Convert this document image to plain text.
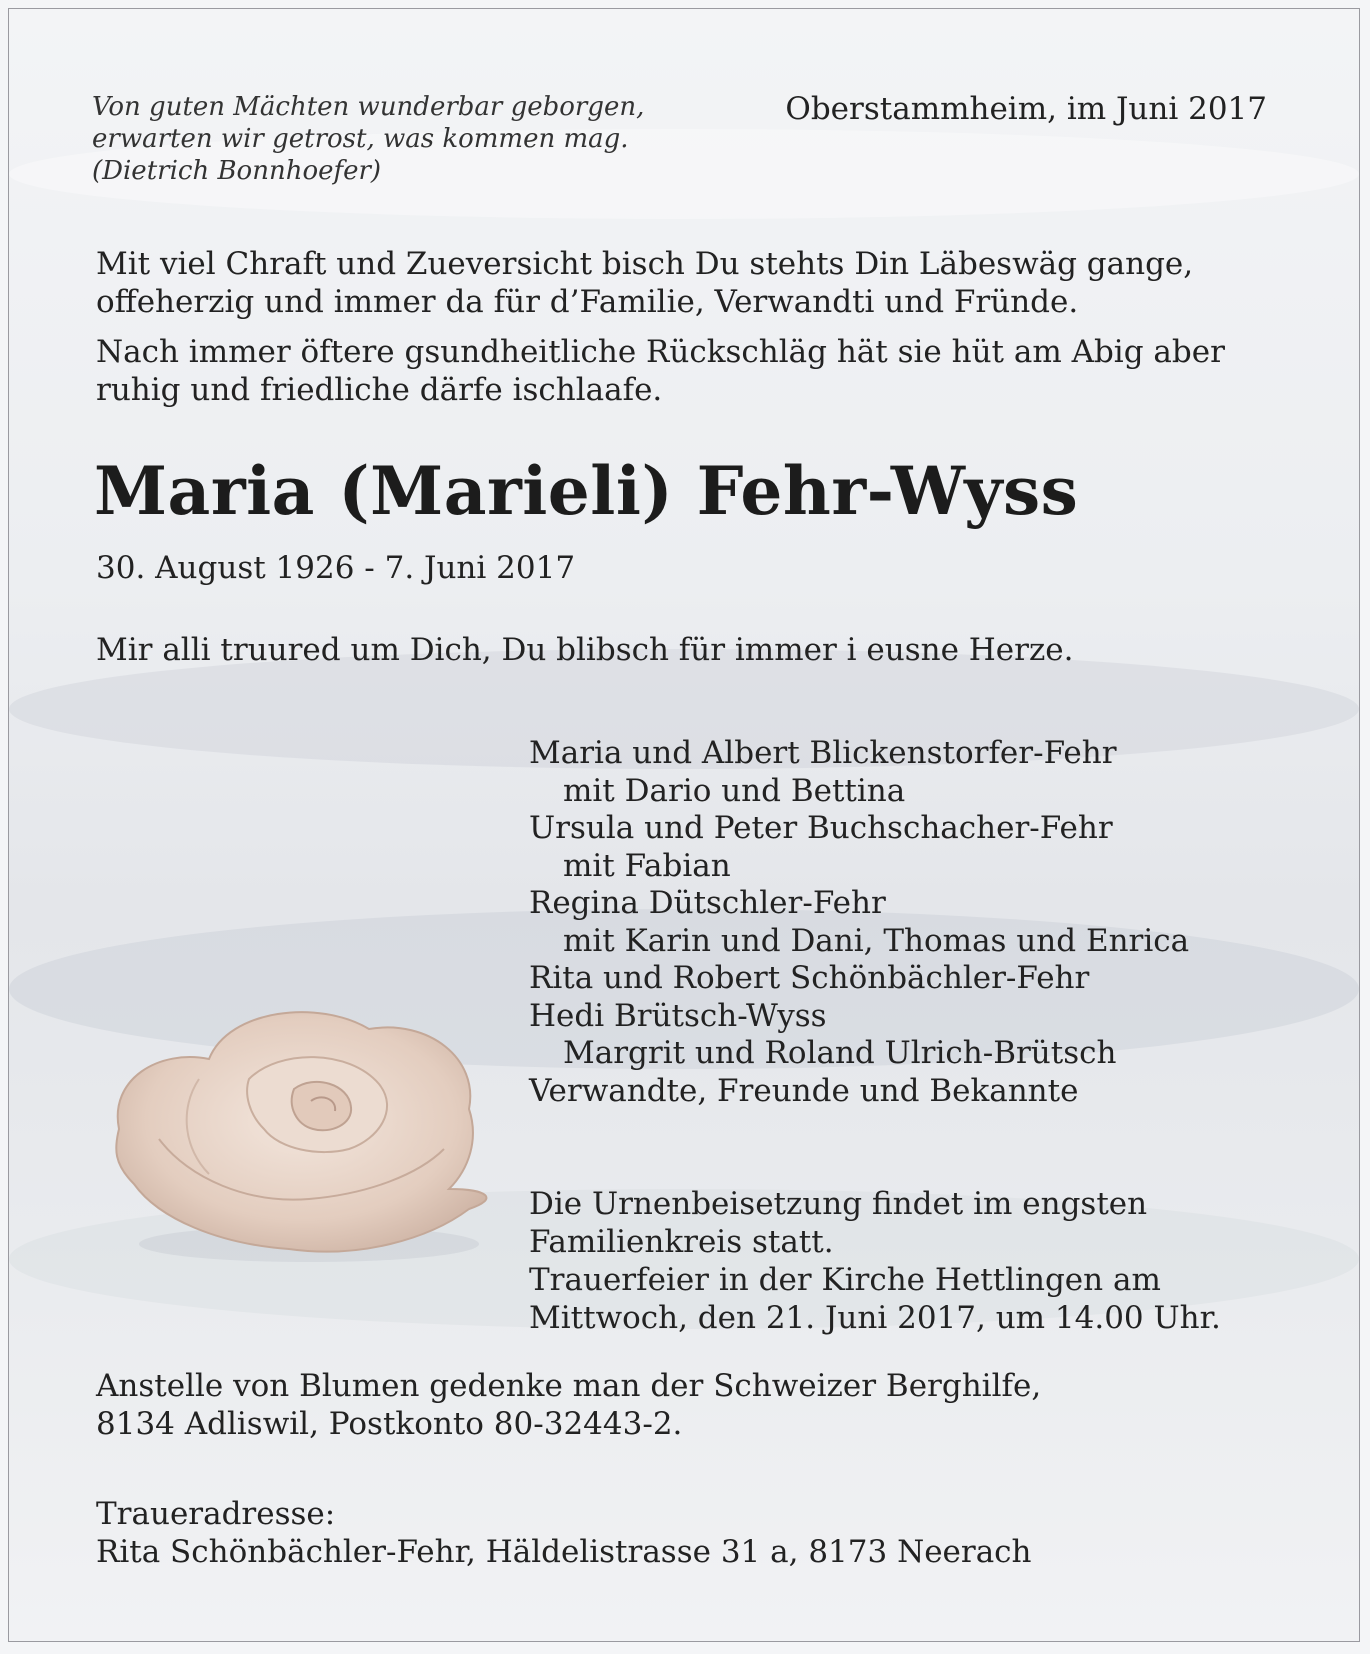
Von guten Mächten wunderbar geborgen,
erwarten wir getrost, was kommen mag.
(Dietrich Bonnhoefer)
Oberstammheim, im Juni 2017
Mit viel Chraft und Zueversicht bisch Du stehts Din Läbeswäg gange,
offeherzig und immer da für d’Familie, Verwandti und Fründe.
Nach immer öftere gsundheitliche Rückschläg hät sie hüt am Abig aber
ruhig und friedliche därfe ischlaafe.
Maria (Marieli) Fehr-Wyss
30. August 1926 - 7. Juni 2017
Mir alli truured um Dich, Du blibsch für immer i eusne Herze.
Maria und Albert Blickenstorfer-Fehr
mit Dario und Bettina
Ursula und Peter Buchschacher-Fehr
mit Fabian
Regina Dütschler-Fehr
mit Karin und Dani, Thomas und Enrica
Rita und Robert Schönbächler-Fehr
Hedi Brütsch-Wyss
Margrit und Roland Ulrich-Brütsch
Verwandte, Freunde und Bekannte
Die Urnenbeisetzung findet im engsten
Familienkreis statt.
Trauerfeier in der Kirche Hettlingen am
Mittwoch, den 21. Juni 2017, um 14.00 Uhr.
Anstelle von Blumen gedenke man der Schweizer Berghilfe,
8134 Adliswil, Postkonto 80-32443-2.
Traueradresse:
Rita Schönbächler-Fehr, Häldelistrasse 31 a, 8173 Neerach
